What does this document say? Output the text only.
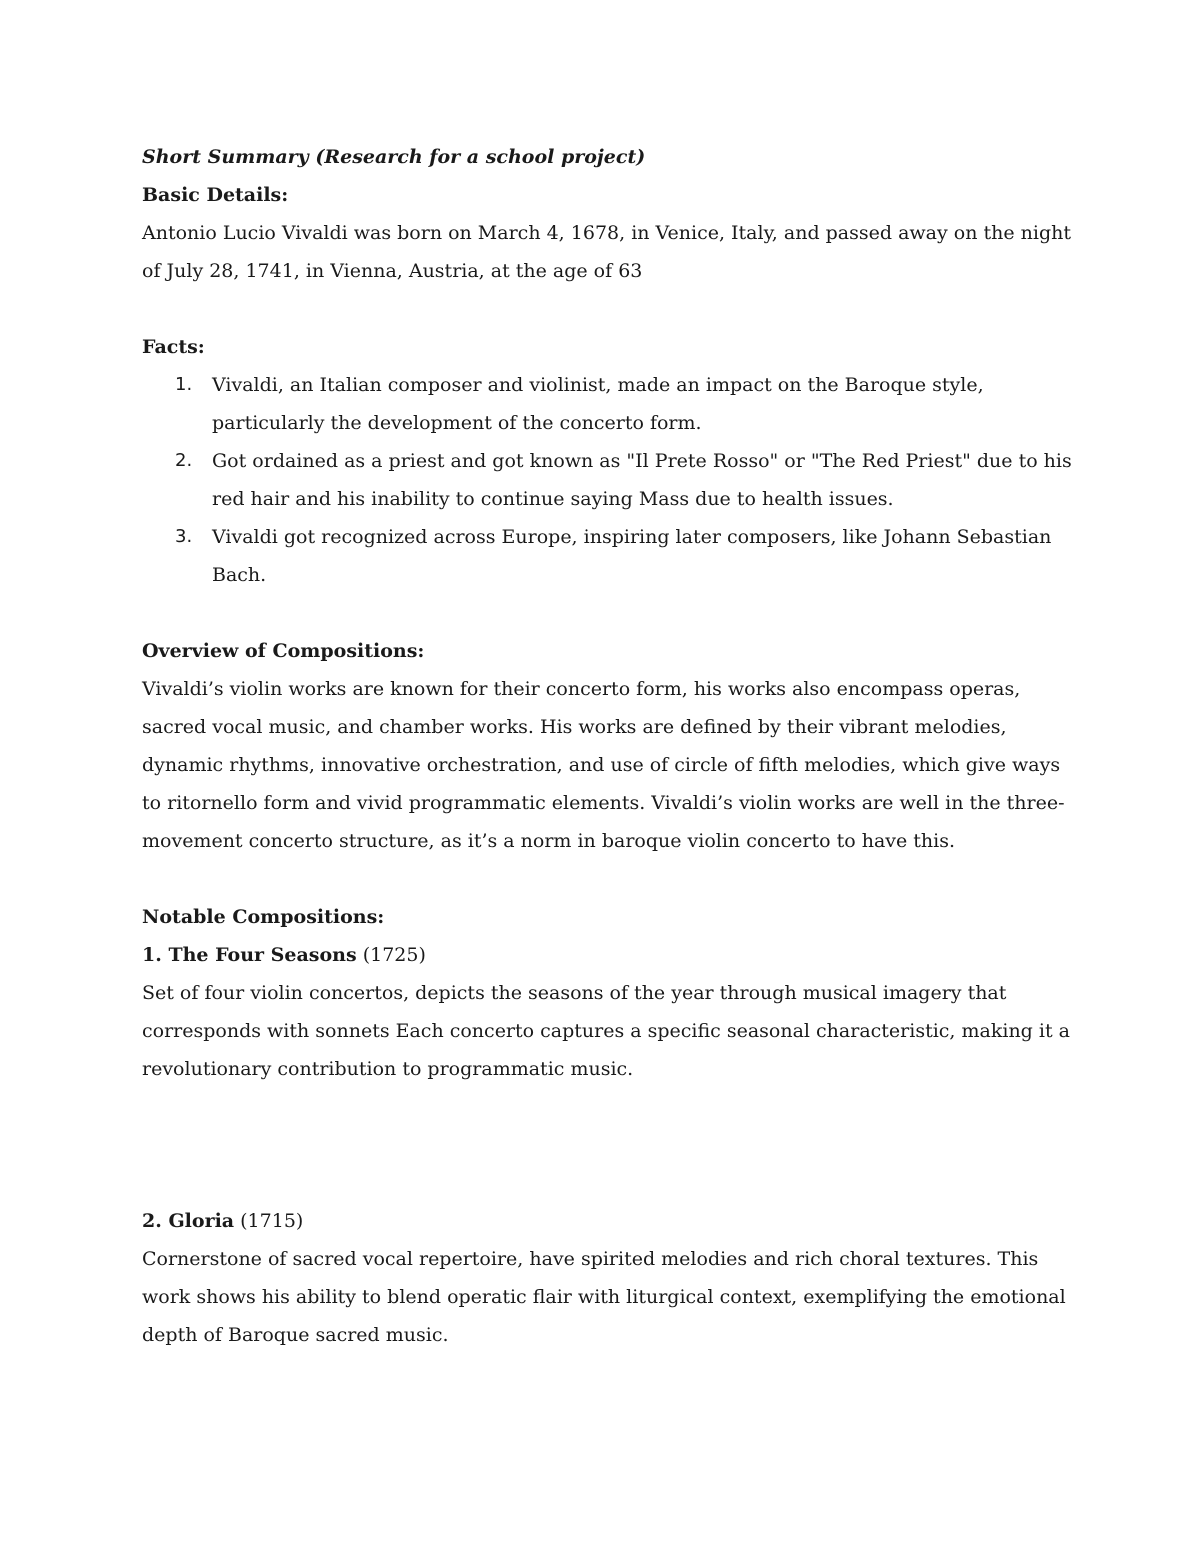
Short Summary (Research for a school project)

Basic Details:

Antonio Lucio Vivaldi was born on March 4, 1678, in Venice, Italy, and passed away on the night of July 28, 1741, in Vienna, Austria, at the age of 63

Facts:

1. Vivaldi, an Italian composer and violinist, made an impact on the Baroque style, particularly the development of the concerto form.
2. Got ordained as a priest and got known as "Il Prete Rosso" or "The Red Priest" due to his red hair and his inability to continue saying Mass due to health issues.
3. Vivaldi got recognized across Europe, inspiring later composers, like Johann Sebastian Bach.

Overview of Compositions:

Vivaldi’s violin works are known for their concerto form, his works also encompass operas, sacred vocal music, and chamber works. His works are defined by their vibrant melodies, dynamic rhythms, innovative orchestration, and use of circle of fifth melodies, which give ways to ritornello form and vivid programmatic elements. Vivaldi’s violin works are well in the three-movement concerto structure, as it’s a norm in baroque violin concerto to have this.

Notable Compositions:

1. The Four Seasons (1725)

Set of four violin concertos, depicts the seasons of the year through musical imagery that corresponds with sonnets Each concerto captures a specific seasonal characteristic, making it a revolutionary contribution to programmatic music.

2. Gloria (1715)

Cornerstone of sacred vocal repertoire, have spirited melodies and rich choral textures. This work shows his ability to blend operatic flair with liturgical context, exemplifying the emotional depth of Baroque sacred music.
